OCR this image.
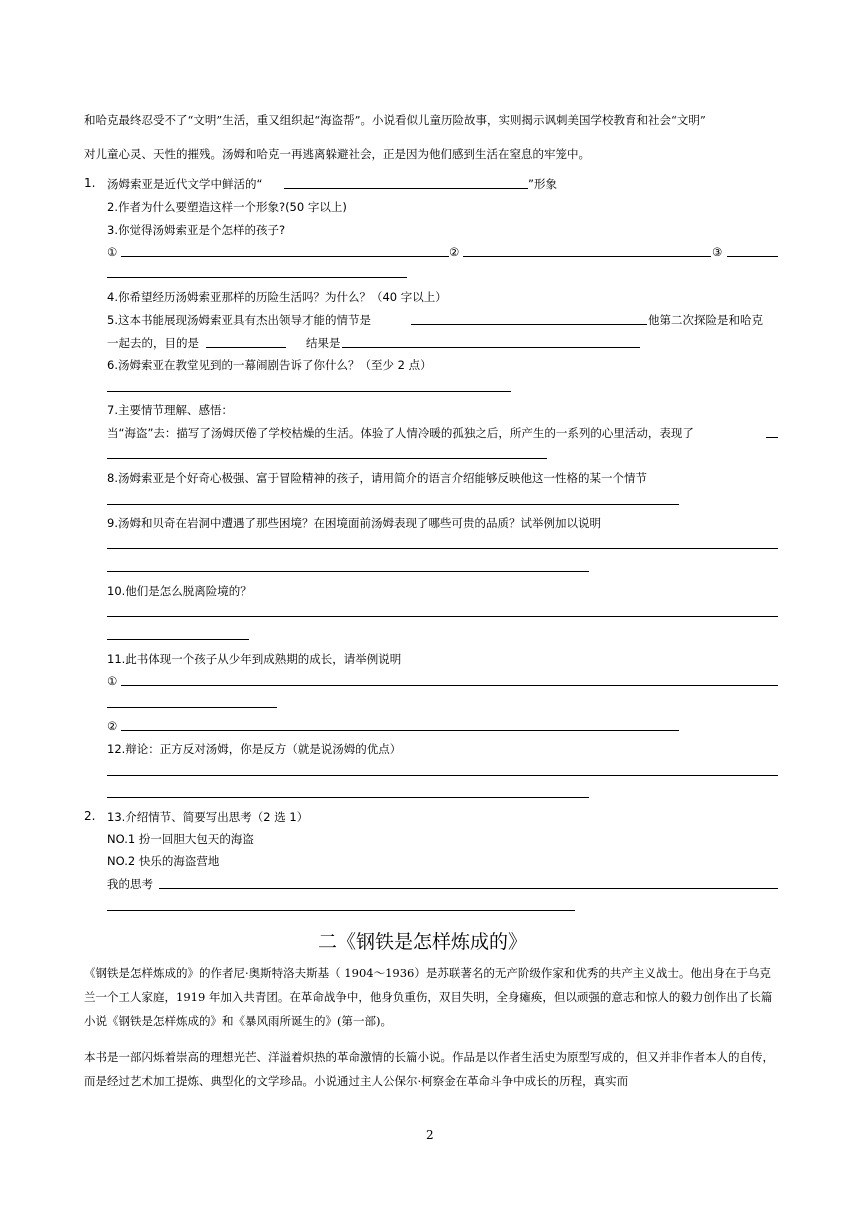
和哈克最终忍受不了“文明”生活，重又组织起“海盗帮”。小说看似儿童历险故事，实则揭示讽刺美国学校教育和社会“文明”
对儿童心灵、天性的摧残。汤姆和哈克一再逃离躲避社会，正是因为他们感到生活在窒息的牢笼中。
1. 汤姆索亚是近代文学中鲜活的“	”形象
2.作者为什么要塑造这样一个形象?(50 字以上)
3.你觉得汤姆索亚是个怎样的孩子?
①	②	③
4.你希望经历汤姆索亚那样的历险生活吗？为什么？（40 字以上）
5.这本书能展现汤姆索亚具有杰出领导才能的情节是	他第二次探险是和哈克
一起去的，目的是	结果是
6.汤姆索亚在教堂见到的一幕闹剧告诉了你什么？（至少 2 点）
7.主要情节理解、感悟：
当“海盗”去：描写了汤姆厌倦了学校枯燥的生活。体验了人情冷暖的孤独之后，所产生的一系列的心里活动，表现了
8.汤姆索亚是个好奇心极强、富于冒险精神的孩子，请用简介的语言介绍能够反映他这一性格的某一个情节
9.汤姆和贝奇在岩洞中遭遇了那些困境？在困境面前汤姆表现了哪些可贵的品质？试举例加以说明
10.他们是怎么脱离险境的？
11.此书体现一个孩子从少年到成熟期的成长，请举例说明
①
②
12.辩论：正方反对汤姆，你是反方（就是说汤姆的优点）
2. 13.介绍情节、简要写出思考（2 选 1）
NO.1 扮一回胆大包天的海盗
NO.2 快乐的海盗营地
我的思考
二《钢铁是怎样炼成的》
《钢铁是怎样炼成的》的作者尼·奥斯特洛夫斯基（ 1904～1936）是苏联著名的无产阶级作家和优秀的共产主义战士。他出身在于乌克兰一个工人家庭，1919 年加入共青团。在革命战争中，他身负重伤，双目失明，全身瘫痪，但以顽强的意志和惊人的毅力创作出了长篇小说《钢铁是怎样炼成的》和《暴风雨所诞生的》(第一部)。
本书是一部闪烁着崇高的理想光芒、洋溢着炽热的革命激情的长篇小说。作品是以作者生活史为原型写成的，但又并非作者本人的自传，而是经过艺术加工提炼、典型化的文学珍品。小说通过主人公保尔·柯察金在革命斗争中成长的历程，真实而
2
